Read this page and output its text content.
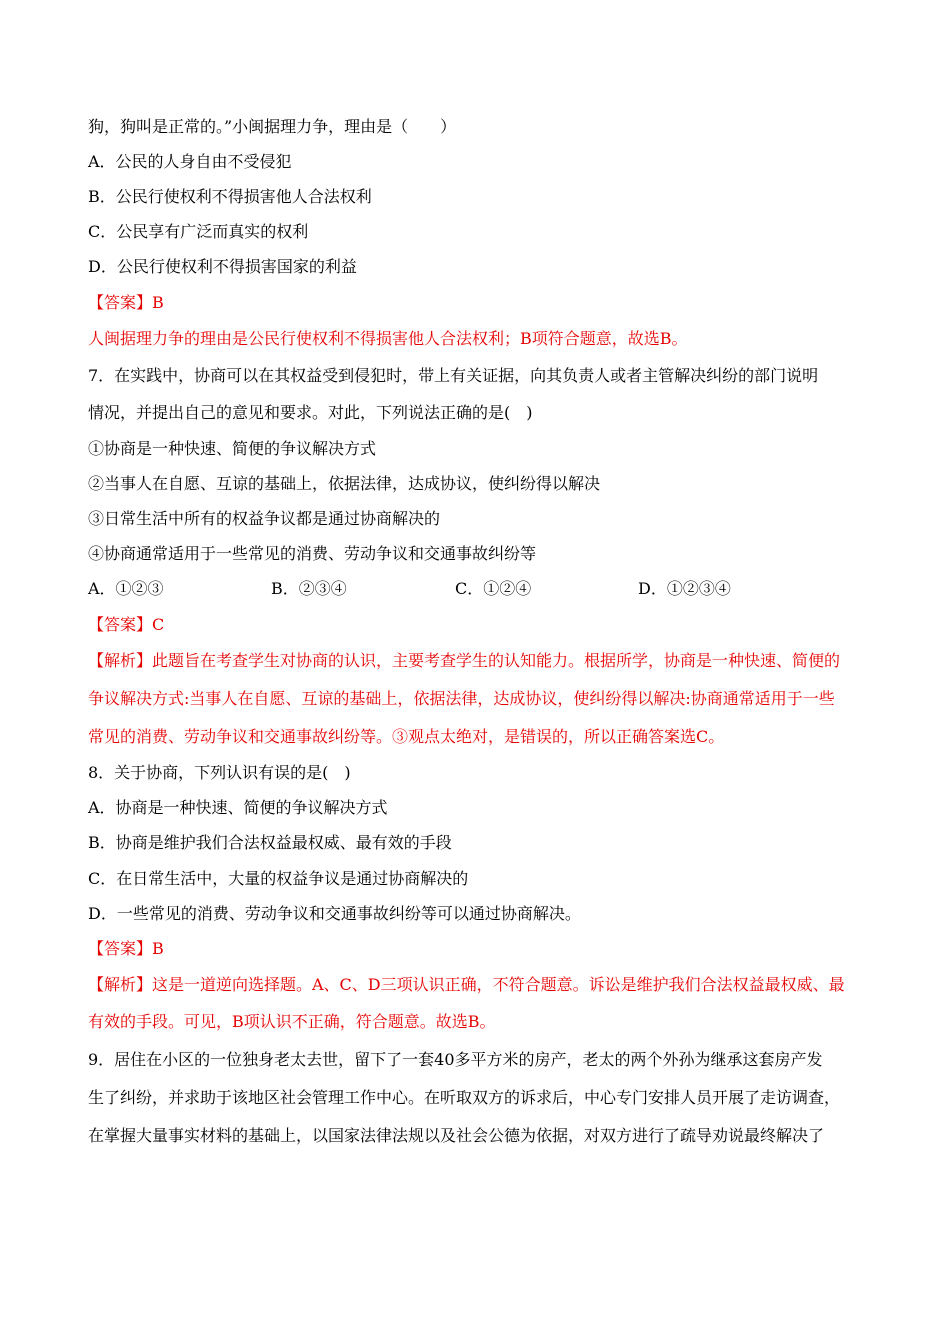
狗，狗叫是正常的。”小闽据理力争，理由是（　　）
A．公民的人身自由不受侵犯
B．公民行使权利不得损害他人合法权利
C．公民享有广泛而真实的权利
D．公民行使权利不得损害国家的利益
【答案】B
人闽据理力争的理由是公民行使权利不得损害他人合法权利；B项符合题意，故选B。
7．在实践中，协商可以在其权益受到侵犯时，带上有关证据，向其负责人或者主管解决纠纷的部门说明
情况，并提出自己的意见和要求。对此，下列说法正确的是(　)
①协商是一种快速、简便的争议解决方式
②当事人在自愿、互谅的基础上，依据法律，达成协议，使纠纷得以解决
③日常生活中所有的权益争议都是通过协商解决的
④协商通常适用于一些常见的消费、劳动争议和交通事故纠纷等
A．①②③	B．②③④	C．①②④	D．①②③④
【答案】C
【解析】此题旨在考查学生对协商的认识，主要考查学生的认知能力。根据所学，协商是一种快速、简便的
争议解决方式:当事人在自愿、互谅的基础上，依据法律，达成协议，使纠纷得以解决:协商通常适用于一些
常见的消费、劳动争议和交通事故纠纷等。③观点太绝对，是错误的，所以正确答案选C。
8．关于协商，下列认识有误的是(　)
A．协商是一种快速、简便的争议解决方式
B．协商是维护我们合法权益最权威、最有效的手段
C．在日常生活中，大量的权益争议是通过协商解决的
D．一些常见的消费、劳动争议和交通事故纠纷等可以通过协商解决。
【答案】B
【解析】这是一道逆向选择题。A、C、D三项认识正确，不符合题意。诉讼是维护我们合法权益最权威、最
有效的手段。可见，B项认识不正确，符合题意。故选B。
9．居住在小区的一位独身老太去世，留下了一套40多平方米的房产，老太的两个外孙为继承这套房产发
生了纠纷，并求助于该地区社会管理工作中心。在听取双方的诉求后，中心专门安排人员开展了走访调查，
在掌握大量事实材料的基础上，以国家法律法规以及社会公德为依据，对双方进行了疏导劝说最终解决了
